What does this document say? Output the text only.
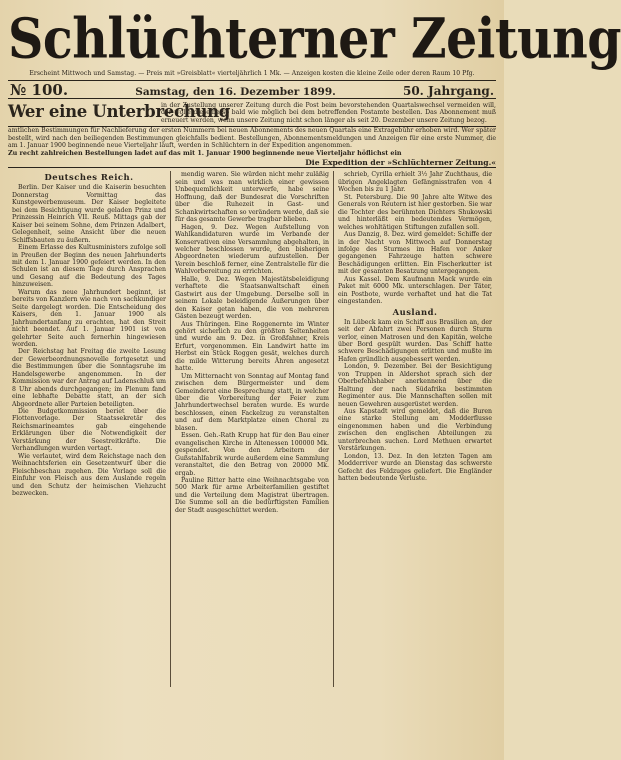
Schlüchterner Zeitung
Erscheint Mittwoch und Samstag. — Preis mit »Greisblatt« vierteljährlich 1 Mk. — Anzeigen kosten die kleine Zeile oder deren Raum 10 Pfg.
№ 100.	Samstag, den 16. Dezember 1899.	50. Jahrgang.
Wer eine Unterbrechung
in der Zustellung unserer Zeitung durch die Post beim bevorstehenden Quartalswechsel vermeiden will, der wolle dieselbe so bald wie möglich bei dem betreffenden Postamte bestellen. Das Abonnement muß erneuert werden, wenn unsere Zeitung nicht schon länger als seit 20. Dezember unsere Zeitung bezog.
amtlichen Bestimmungen für Nachlieferung der ersten Nummern bei neuen Abonnements des neuen Quartals eine Extragebühr erhoben wird. Wer später bestellt, wird nach den beiliegenden Bestimmungen gleichfalls bedient. Bestellungen, Abonnementsmeldungen und Anzeigen für eine erste Nummer, die am 1. Januar 1900 beginnende neue Vierteljahr läuft, werden in Schlüchtern in der Expedition angenommen.
Zu recht zahlreichen Bestellungen ladet auf das mit 1. Januar 1900 beginnende neue Vierteljahr höflichst ein
Die Expedition der »Schlüchterner Zeitung.«
Deutsches Reich.

Berlin. Der Kaiser und die Kaiserin besuchten Donnerstag Vormittag das Kunstgewerbemuseum. Der Kaiser begleitete bei dem Besichtigung wurde geladen Prinz und Prinzessin Heinrich VII. Reuß. Mittags gab der Kaiser bei seinem Sohne, dem Prinzen Adalbert, Gelegenheit, seine Ansicht über die neuen Schiffsbauten zu äußern.

Einem Erlasse des Kultusministers zufolge soll in Preußen der Beginn des neuen Jahrhunderts mit dem 1. Januar 1900 gefeiert werden. In den Schulen ist an diesem Tage durch Ansprachen und Gesang auf die Bedeutung des Tages hinzuweisen.

Warum das neue Jahrhundert beginnt, ist bereits von Kanzlern wie nach von sachkundiger Seite dargelegt worden. Die Entscheidung des Kaisers, den 1. Januar 1900 als Jahrhundertanfang zu erachten, hat den Streit nicht beendet. Auf 1. Januar 1901 ist von gelehrter Seite auch fernerhin hingewiesen worden.

Der Reichstag hat Freitag die zweite Lesung der Gewerbeordnungsnovelle fortgesetzt und die Bestimmungen über die Sonntagsruhe im Handelsgewerbe angenommen. In der Kommission war der Antrag auf Ladenschluß um 8 Uhr abends durchgegangen; im Plenum fand eine lebhafte Debatte statt, an der sich Abgeordnete aller Parteien beteiligten.

Die Budgetkommission beriet über die Flottenvorlage. Der Staatssekretär des Reichsmarineamtes gab eingehende Erklärungen über die Notwendigkeit der Verstärkung der Seestreitkräfte. Die Verhandlungen wurden vertagt.

Wie verlautet, wird dem Reichstage nach den Weihnachtsferien ein Gesetzentwurf über die Fleischbeschau zugehen. Die Vorlage soll die Einfuhr von Fleisch aus dem Auslande regeln und den Schutz der heimischen Viehzucht bezwecken.

mendig waren. Sie würden nicht mehr zuläßig sein und was man wirklich einer gewissen Unbequemlichkeit unterwerfe, habe seine Hoffnung, daß der Bundesrat die Vorschriften über die Ruhezeit in Gast- und Schankwirtschaften so verändern werde, daß sie für das gesamte Gewerbe tragbar blieben.

Hagen, 9. Dez. Wegen Aufstellung von Wahlkandidaturen wurde im Verbande der Konservativen eine Versammlung abgehalten, in welcher beschlossen wurde, den bisherigen Abgeordneten wiederum aufzustellen. Der Verein beschloß ferner, eine Zentralstelle für die Wahlvorbereitung zu errichten.

Halle, 9. Dez. Wegen Majestätsbeleidigung verhaftete die Staatsanwaltschaft einen Gastwirt aus der Umgebung. Derselbe soll in seinem Lokale beleidigende Äußerungen über den Kaiser getan haben, die von mehreren Gästen bezeugt werden.

Aus Thüringen. Eine Roggenernte im Winter gehört sicherlich zu den größten Seltenheiten und wurde am 9. Dez. in Großfahner, Kreis Erfurt, vorgenommen. Ein Landwirt hatte im Herbst ein Stück Roggen gesät, welches durch die milde Witterung bereits Ähren angesetzt hatte.

Um Mitternacht von Sonntag auf Montag fand zwischen dem Bürgermeister und dem Gemeinderat eine Besprechung statt, in welcher über die Vorbereitung der Feier zum Jahrhundertwechsel beraten wurde. Es wurde beschlossen, einen Fackelzug zu veranstalten und auf dem Marktplatze einen Choral zu blasen.

Essen. Geh.-Rath Krupp hat für den Bau einer evangelischen Kirche in Altenessen 100000 Mk. gespendet. Von den Arbeitern der Gußstahlfabrik wurde außerdem eine Sammlung veranstaltet, die den Betrag von 20000 Mk. ergab.

Pauline Ritter hatte eine Weihnachtsgabe von 500 Mark für arme Arbeiterfamilien gestiftet und die Verteilung dem Magistrat übertragen. Die Summe soll an die bedürftigsten Familien der Stadt ausgeschüttet werden.

schrieb, Cyrilla erhielt 3½ Jahr Zuchthaus, die übrigen Angeklagten Gefängnisstrafen von 4 Wochen bis zu 1 Jahr.

St. Petersburg. Die 90 Jahre alte Witwe des Generals von Reutern ist hier gestorben. Sie war die Tochter des berühmten Dichters Shukowski und hinterläßt ein bedeutendes Vermögen, welches wohltätigen Stiftungen zufallen soll.

Aus Danzig, 8. Dez. wird gemeldet: Schiffe der in der Nacht von Mittwoch auf Donnerstag infolge des Sturmes im Hafen vor Anker gegangenen Fahrzeuge hatten schwere Beschädigungen erlitten. Ein Fischerkutter ist mit der gesamten Besatzung untergegangen.

Aus Kassel. Dem Kaufmann Mack wurde ein Paket mit 6000 Mk. unterschlagen. Der Täter, ein Postbote, wurde verhaftet und hat die Tat eingestanden.

Ausland.

In Lübeck kam ein Schiff aus Brasilien an, der seit der Abfahrt zwei Personen durch Sturm verlor, einen Matrosen und den Kapitän, welche über Bord gespült wurden. Das Schiff hatte schwere Beschädigungen erlitten und mußte im Hafen gründlich ausgebessert werden.

London, 9. Dezember. Bei der Besichtigung von Truppen in Aldershot sprach sich der Oberbefehlshaber anerkennend über die Haltung der nach Südafrika bestimmten Regimenter aus. Die Mannschaften sollen mit neuen Gewehren ausgerüstet werden.

Aus Kapstadt wird gemeldet, daß die Buren eine starke Stellung am Modderflusse eingenommen haben und die Verbindung zwischen den englischen Abteilungen zu unterbrechen suchen. Lord Methuen erwartet Verstärkungen.

London, 13. Dez. In den letzten Tagen am Modderriver wurde an Dienstag das schwerste Gefecht des Feldzuges geliefert. Die Engländer hatten bedeutende Verluste.
